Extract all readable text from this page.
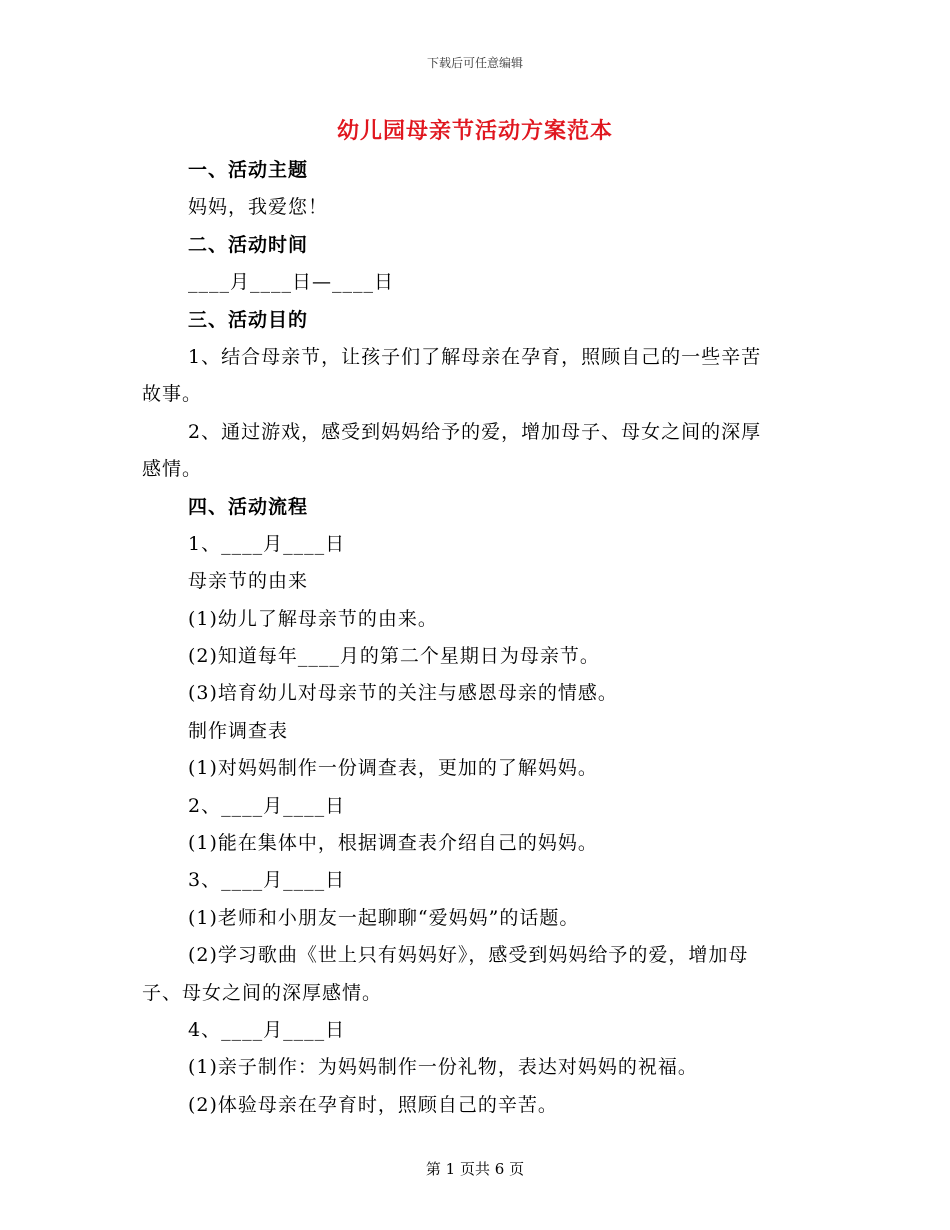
下载后可任意编辑
幼儿园母亲节活动方案范本
一、活动主题
妈妈，我爱您！
二、活动时间
____月____日—____日
三、活动目的
1、结合母亲节，让孩子们了解母亲在孕育，照顾自己的一些辛苦
故事。
2、通过游戏，感受到妈妈给予的爱，增加母子、母女之间的深厚
感情。
四、活动流程
1、____月____日
母亲节的由来
(1)幼儿了解母亲节的由来。
(2)知道每年____月的第二个星期日为母亲节。
(3)培育幼儿对母亲节的关注与感恩母亲的情感。
制作调查表
(1)对妈妈制作一份调查表，更加的了解妈妈。
2、____月____日
(1)能在集体中，根据调查表介绍自己的妈妈。
3、____月____日
(1)老师和小朋友一起聊聊“爱妈妈”的话题。
(2)学习歌曲《世上只有妈妈好》，感受到妈妈给予的爱，增加母
子、母女之间的深厚感情。
4、____月____日
(1)亲子制作：为妈妈制作一份礼物，表达对妈妈的祝福。
(2)体验母亲在孕育时，照顾自己的辛苦。
第 1 页共 6 页
